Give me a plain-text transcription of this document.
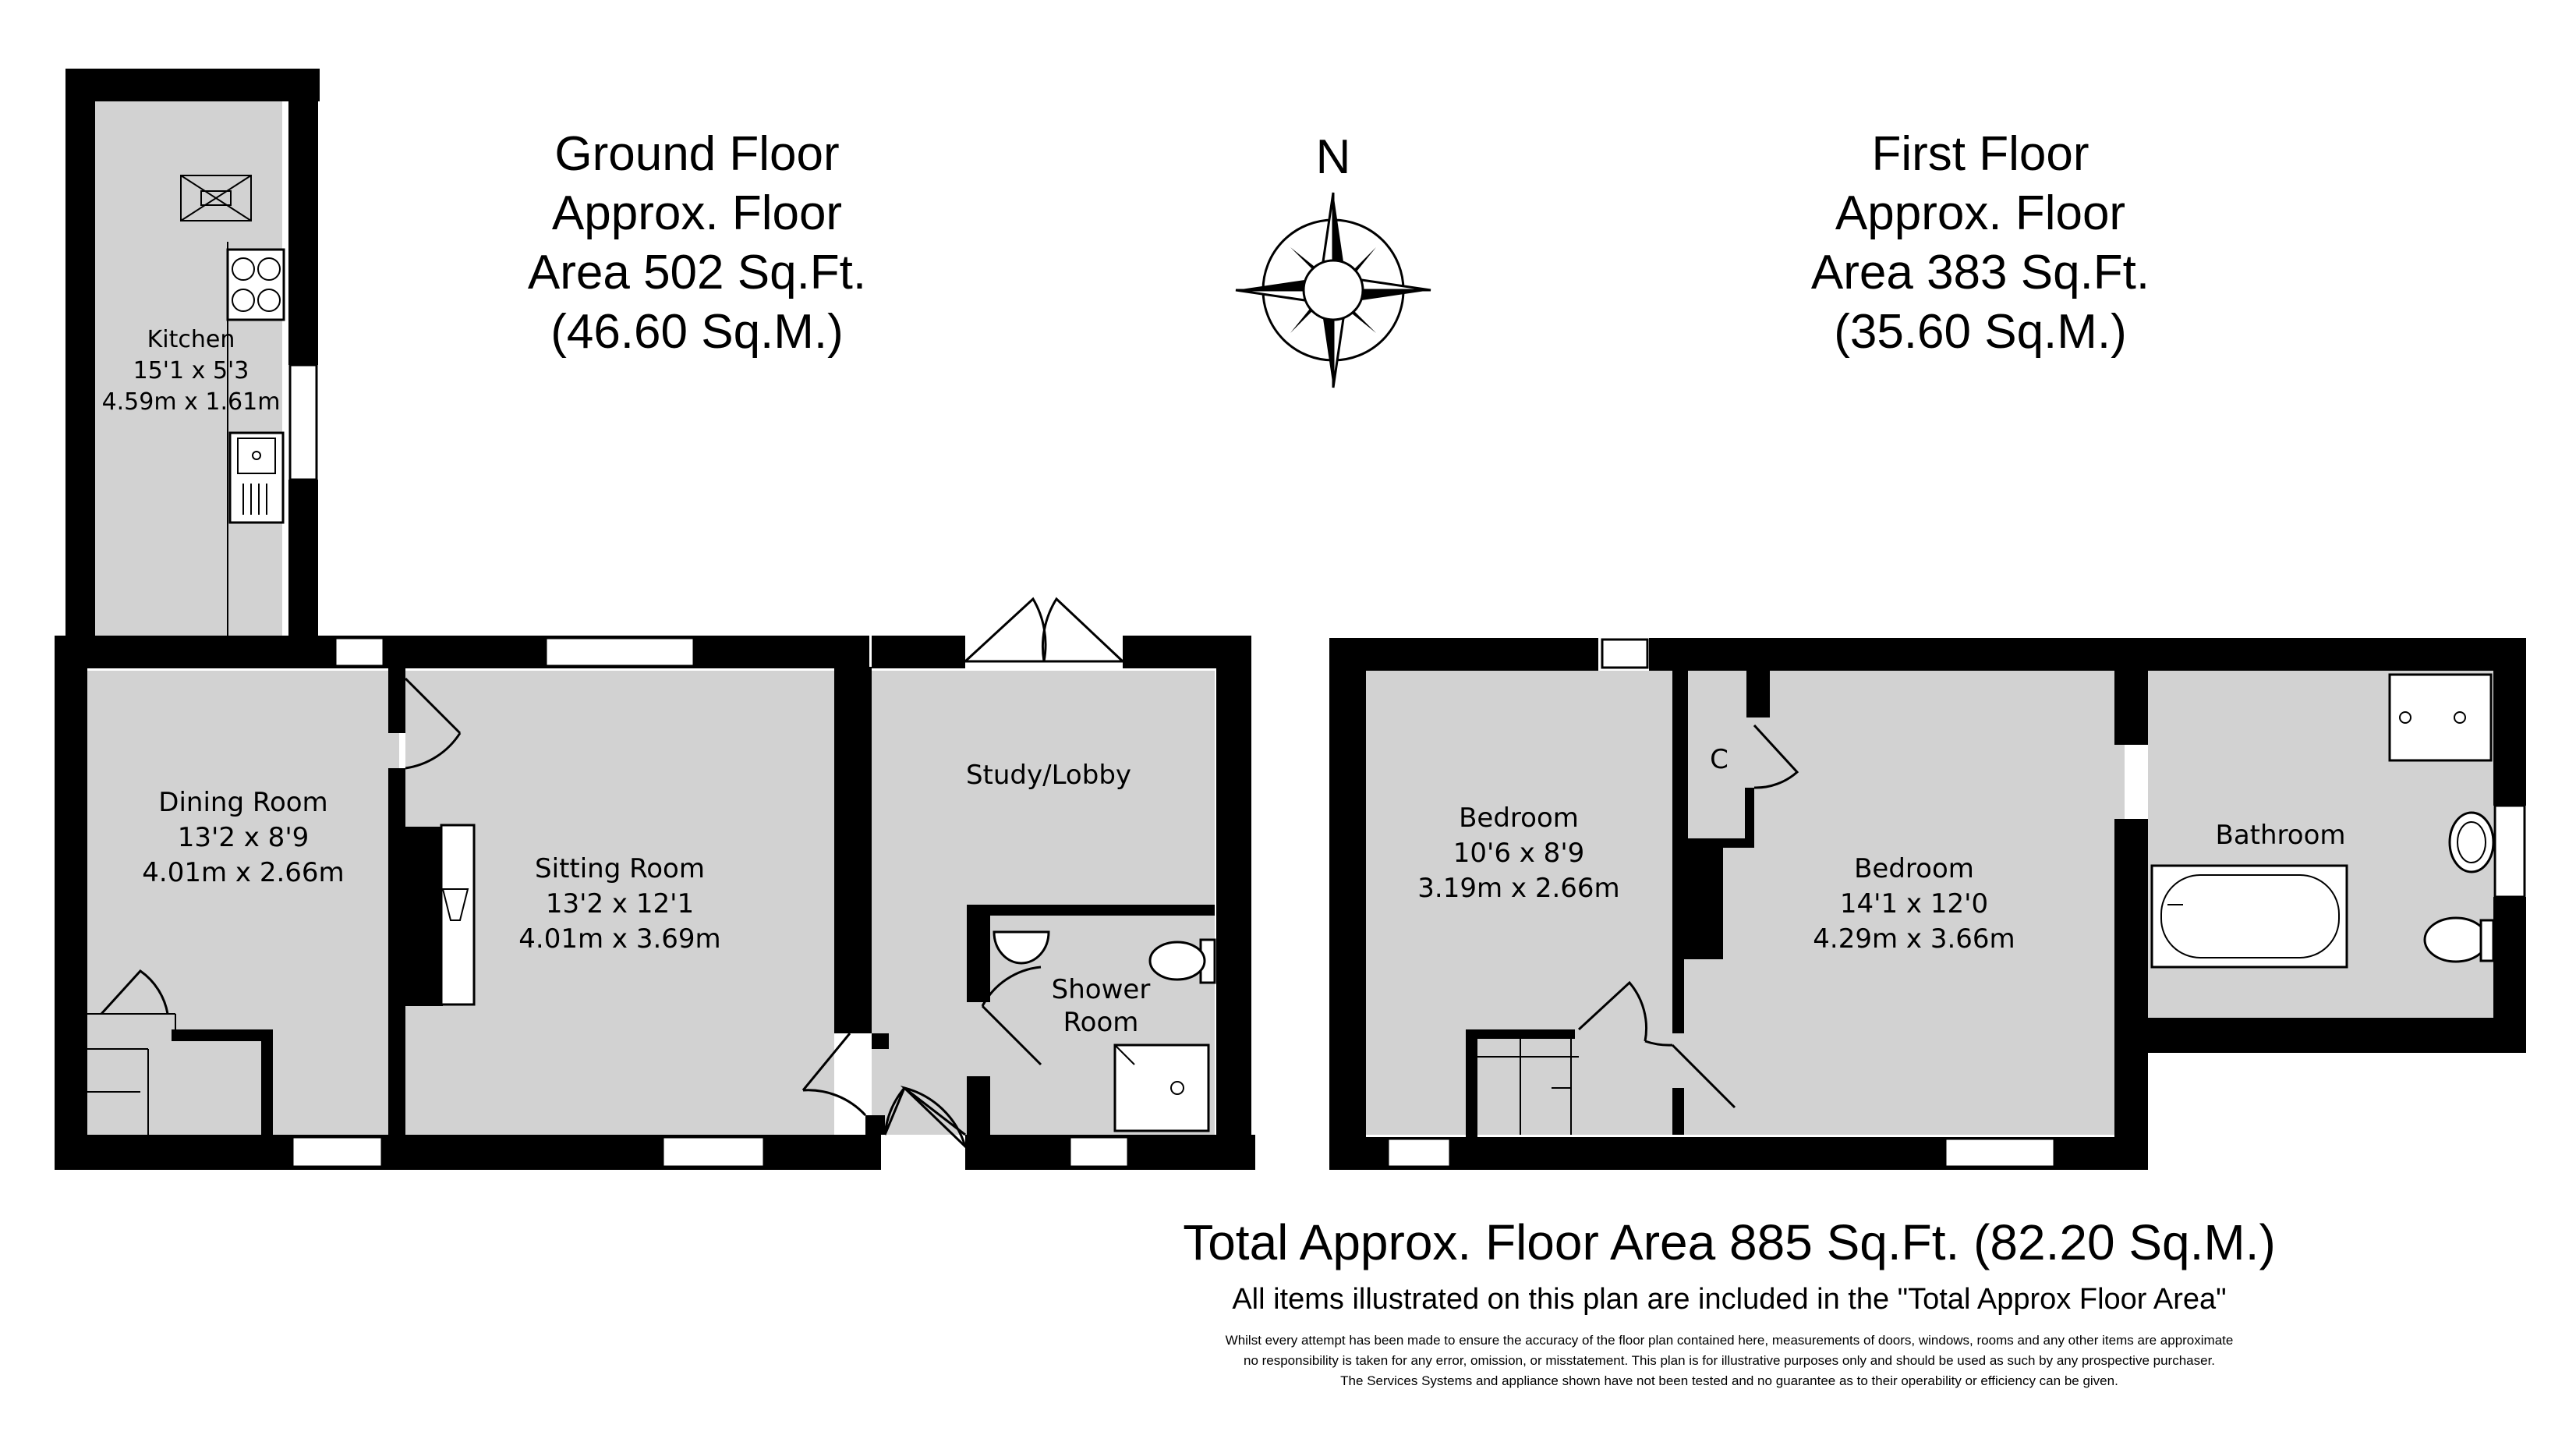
N
Ground Floor
Approx. Floor
Area 502 Sq.Ft.
(46.60 Sq.M.)
First Floor
Approx. Floor
Area 383 Sq.Ft.
(35.60 Sq.M.)
Kitchen
15'1 x 5'3
4.59m x 1.61m
Dining Room
13'2 x 8'9
4.01m x 2.66m	Sitting Room
13'2 x 12'1
4.01m x 3.69m
Study/Lobby
Shower
Room
Bedroom
10'6 x 8'9
3.19m x 2.66m
Bedroom
14'1 x 12'0
4.29m x 3.66m
Bathroom
C
Total Approx. Floor Area 885 Sq.Ft. (82.20 Sq.M.)
All items illustrated on this plan are included in the "Total Approx Floor Area"
Whilst every attempt has been made to ensure the accuracy of the floor plan contained here, measurements of doors, windows, rooms and any other items are approximate
no responsibility is taken for any error, omission, or misstatement. This plan is for illustrative purposes only and should be used as such by any prospective purchaser.
The Services Systems and appliance shown have not been tested and no guarantee as to their operability or efficiency can be given.
